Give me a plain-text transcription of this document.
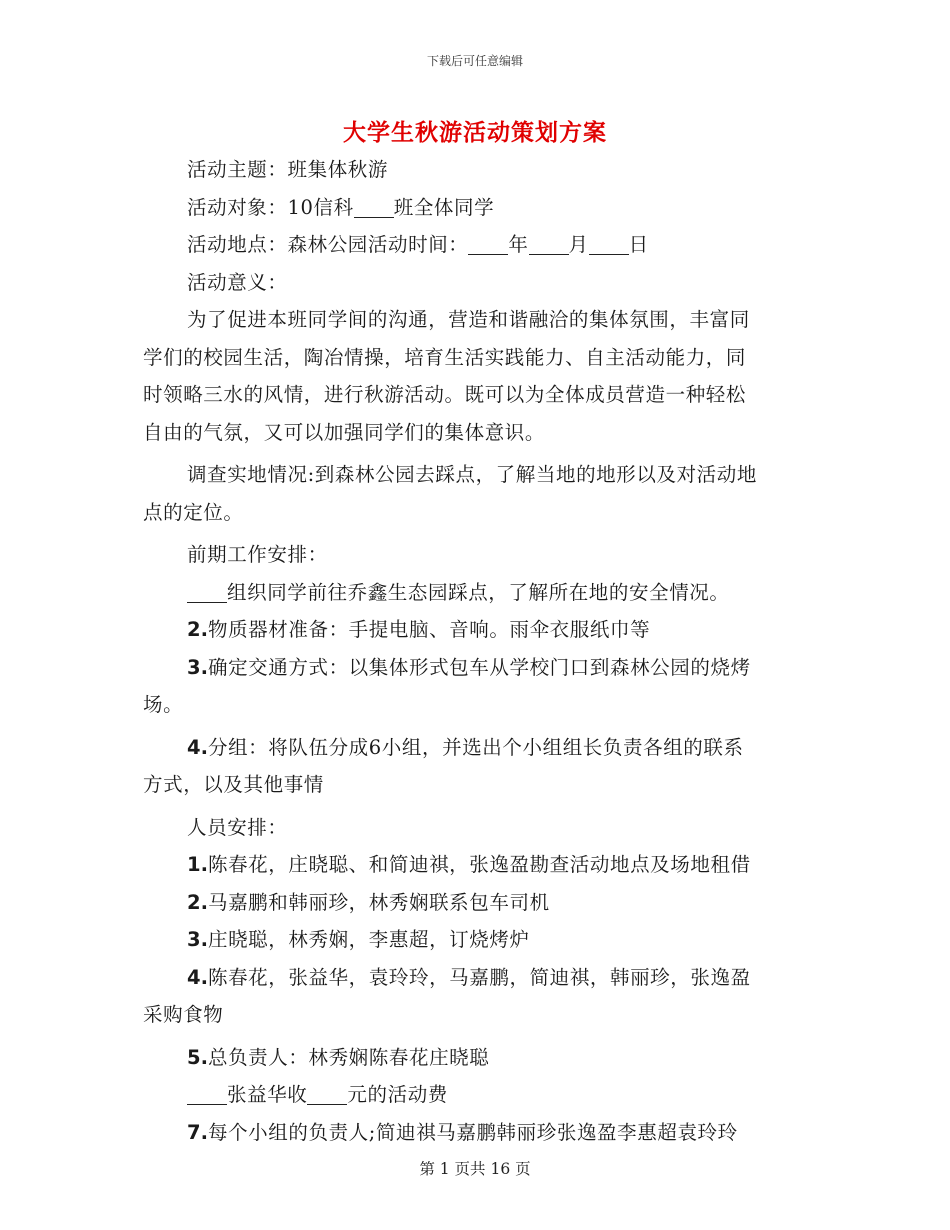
下载后可任意编辑
大学生秋游活动策划方案

活动主题：班集体秋游

活动对象：10信科 班全体同学

活动地点：森林公园活动时间： 年 月 日

活动意义：

为了促进本班同学间的沟通，营造和谐融洽的集体氛围，丰富同

学们的校园生活，陶冶情操，培育生活实践能力、自主活动能力，同

时领略三水的风情，进行秋游活动。既可以为全体成员营造一种轻松

自由的气氛，又可以加强同学们的集体意识。

调查实地情况:到森林公园去踩点，了解当地的地形以及对活动地

点的定位。

前期工作安排：

组织同学前往乔鑫生态园踩点，了解所在地的安全情况。

2.物质器材准备：手提电脑、音响。雨伞衣服纸巾等

3.确定交通方式：以集体形式包车从学校门口到森林公园的烧烤

场。

4.分组：将队伍分成6小组，并选出个小组组长负责各组的联系

方式，以及其他事情

人员安排：

1.陈春花，庄晓聪、和简迪祺，张逸盈勘查活动地点及场地租借

2.马嘉鹏和韩丽珍，林秀娴联系包车司机

3.庄晓聪，林秀娴，李惠超，订烧烤炉

4.陈春花，张益华，袁玲玲，马嘉鹏，简迪祺，韩丽珍，张逸盈

采购食物

5.总负责人：林秀娴陈春花庄晓聪

张益华收 元的活动费

7.每个小组的负责人;简迪祺马嘉鹏韩丽珍张逸盈李惠超袁玲玲

第 1 页共 16 页
